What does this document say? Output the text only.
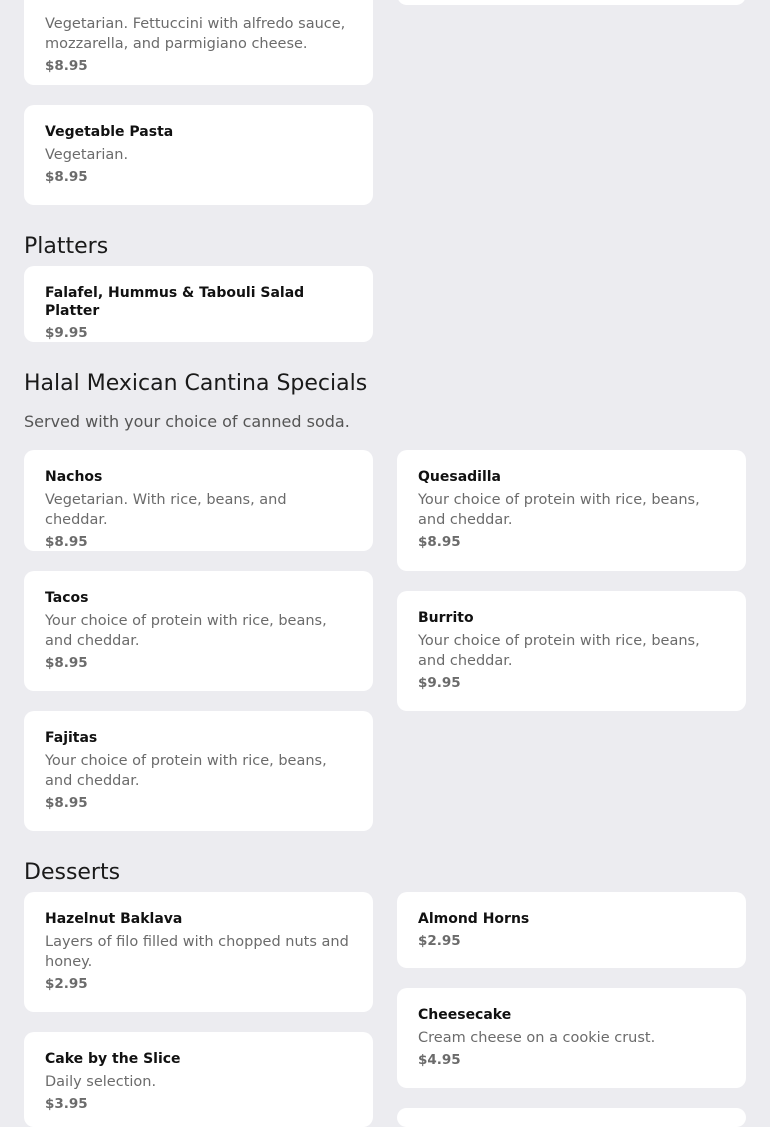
Vegetarian. Fettuccini with alfredo sauce, mozzarella, and parmigiano cheese.
$8.95
Vegetable Pasta
Vegetarian.
$8.95
Platters
Falafel, Hummus & Tabouli Salad Platter
$9.95
Halal Mexican Cantina Specials

Served with your choice of canned soda.

Nachos
Vegetarian. With rice, beans, and cheddar.
$8.95
Quesadilla
Your choice of protein with rice, beans, and cheddar.
$8.95
Tacos
Your choice of protein with rice, beans, and cheddar.
$8.95
Burrito
Your choice of protein with rice, beans, and cheddar.
$9.95
Fajitas
Your choice of protein with rice, beans, and cheddar.
$8.95
Desserts
Hazelnut Baklava
Layers of filo filled with chopped nuts and honey.
$2.95
Almond Horns
$2.95
Cheesecake
Cream cheese on a cookie crust.
$4.95
Cake by the Slice
Daily selection.
$3.95
